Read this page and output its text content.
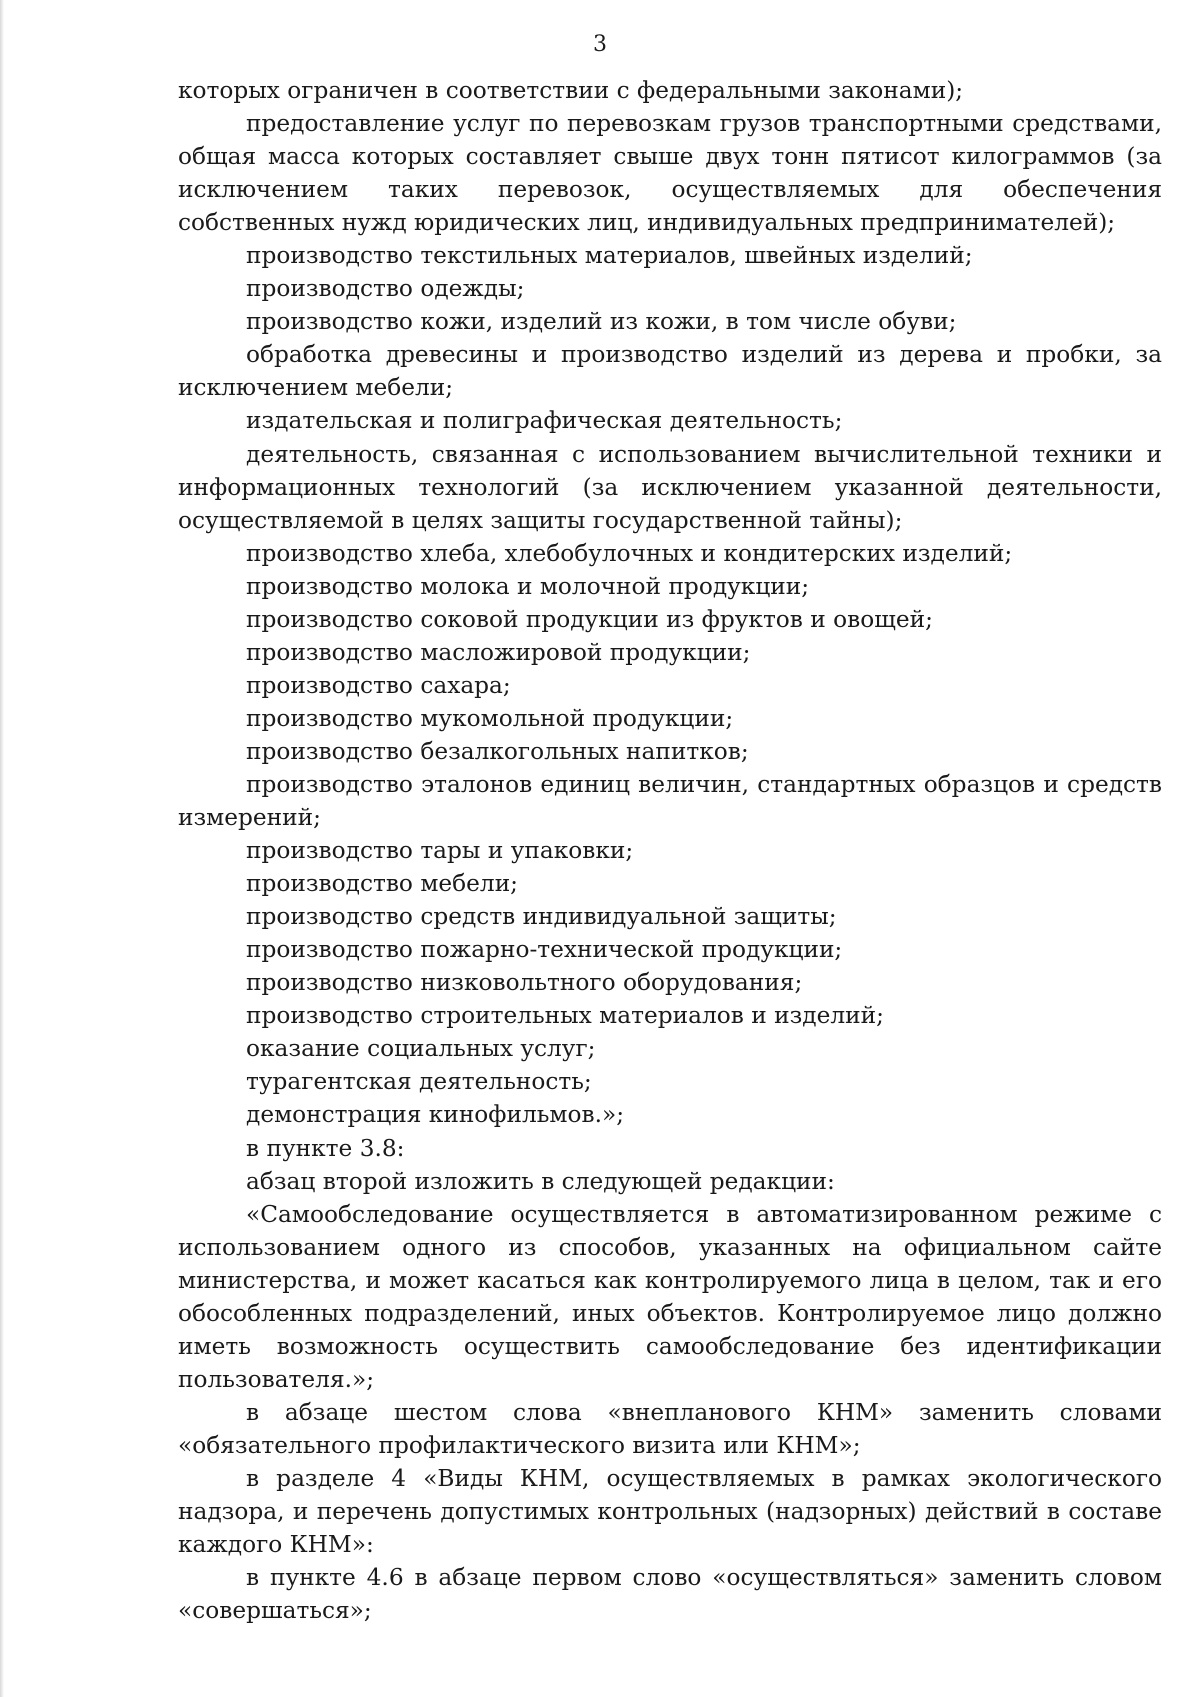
3

которых ограничен в соответствии с федеральными законами);

предоставление услуг по перевозкам грузов транспортными средствами, общая масса которых составляет свыше двух тонн пятисот килограммов (за исключением таких перевозок, осуществляемых для обеспечения собственных нужд юридических лиц, индивидуальных предпринимателей);

производство текстильных материалов, швейных изделий;

производство одежды;

производство кожи, изделий из кожи, в том числе обуви;

обработка древесины и производство изделий из дерева и пробки, за исключением мебели;

издательская и полиграфическая деятельность;

деятельность, связанная с использованием вычислительной техники и информационных технологий (за исключением указанной деятельности, осуществляемой в целях защиты государственной тайны);

производство хлеба, хлебобулочных и кондитерских изделий;

производство молока и молочной продукции;

производство соковой продукции из фруктов и овощей;

производство масложировой продукции;

производство сахара;

производство мукомольной продукции;

производство безалкогольных напитков;

производство эталонов единиц величин, стандартных образцов и средств измерений;

производство тары и упаковки;

производство мебели;

производство средств индивидуальной защиты;

производство пожарно-технической продукции;

производство низковольтного оборудования;

производство строительных материалов и изделий;

оказание социальных услуг;

турагентская деятельность;

демонстрация кинофильмов.»;

в пункте 3.8:

абзац второй изложить в следующей редакции:

«Самообследование осуществляется в автоматизированном режиме с использованием одного из способов, указанных на официальном сайте министерства, и может касаться как контролируемого лица в целом, так и его обособленных подразделений, иных объектов. Контролируемое лицо должно иметь возможность осуществить самообследование без идентификации пользователя.»;

в абзаце шестом слова «внепланового КНМ» заменить словами «обязательного профилактического визита или КНМ»;

в разделе 4 «Виды КНМ, осуществляемых в рамках экологического надзора, и перечень допустимых контрольных (надзорных) действий в составе каждого КНМ»:

в пункте 4.6 в абзаце первом слово «осуществляться» заменить словом «совершаться»;
